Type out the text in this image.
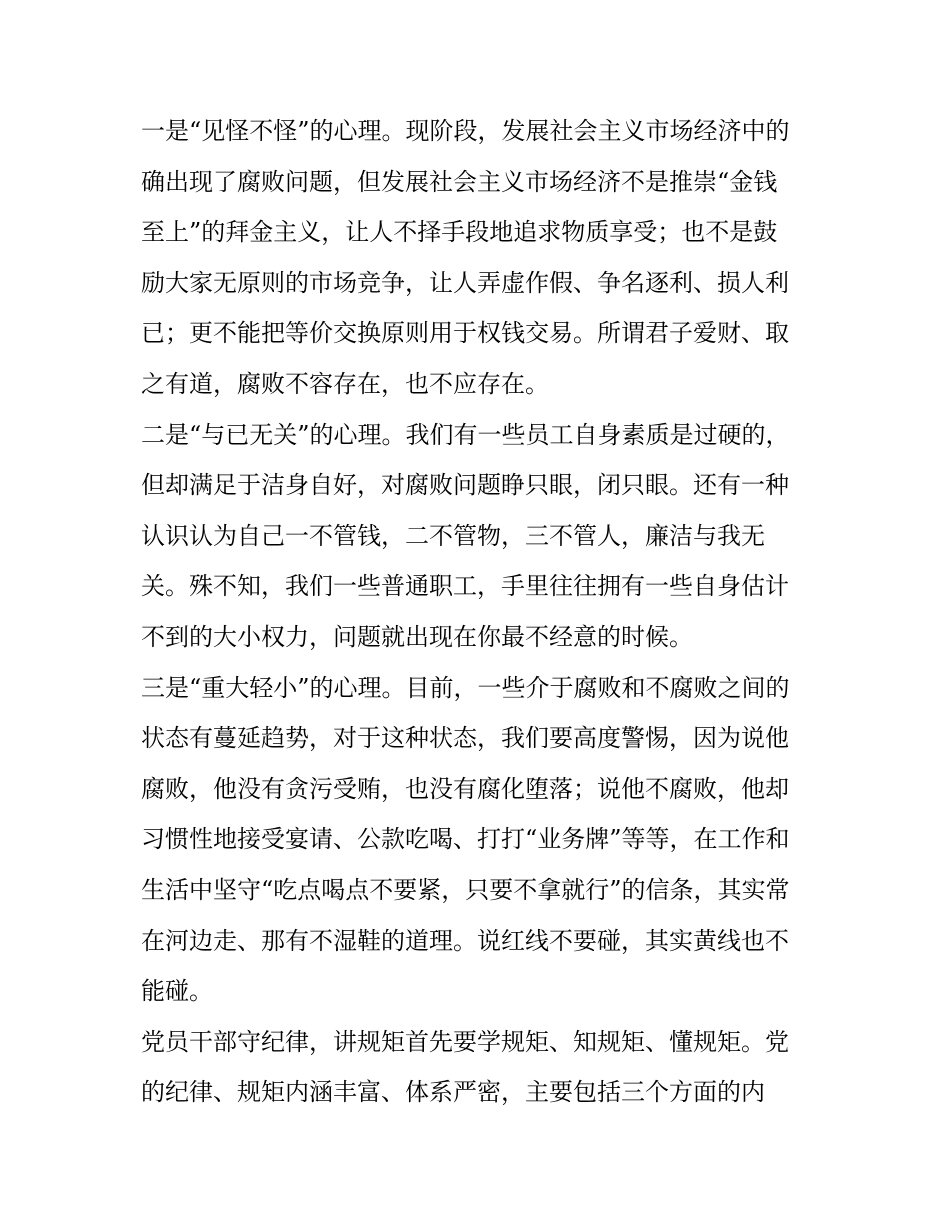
一是“见怪不怪”的心理。现阶段，发展社会主义市场经济中的
确出现了腐败问题，但发展社会主义市场经济不是推崇“金钱
至上”的拜金主义，让人不择手段地追求物质享受；也不是鼓
励大家无原则的市场竞争，让人弄虚作假、争名逐利、损人利
已；更不能把等价交换原则用于权钱交易。所谓君子爱财、取
之有道，腐败不容存在，也不应存在。

二是“与已无关”的心理。我们有一些员工自身素质是过硬的，
但却满足于洁身自好，对腐败问题睁只眼，闭只眼。还有一种
认识认为自己一不管钱，二不管物，三不管人，廉洁与我无
关。殊不知，我们一些普通职工，手里往往拥有一些自身估计
不到的大小权力，问题就出现在你最不经意的时候。

三是“重大轻小”的心理。目前，一些介于腐败和不腐败之间的
状态有蔓延趋势，对于这种状态，我们要高度警惕，因为说他
腐败，他没有贪污受贿，也没有腐化堕落；说他不腐败，他却
习惯性地接受宴请、公款吃喝、打打“业务牌”等等，在工作和
生活中坚守“吃点喝点不要紧，只要不拿就行”的信条，其实常
在河边走、那有不湿鞋的道理。说红线不要碰，其实黄线也不
能碰。

党员干部守纪律，讲规矩首先要学规矩、知规矩、懂规矩。党
的纪律、规矩内涵丰富、体系严密，主要包括三个方面的内
